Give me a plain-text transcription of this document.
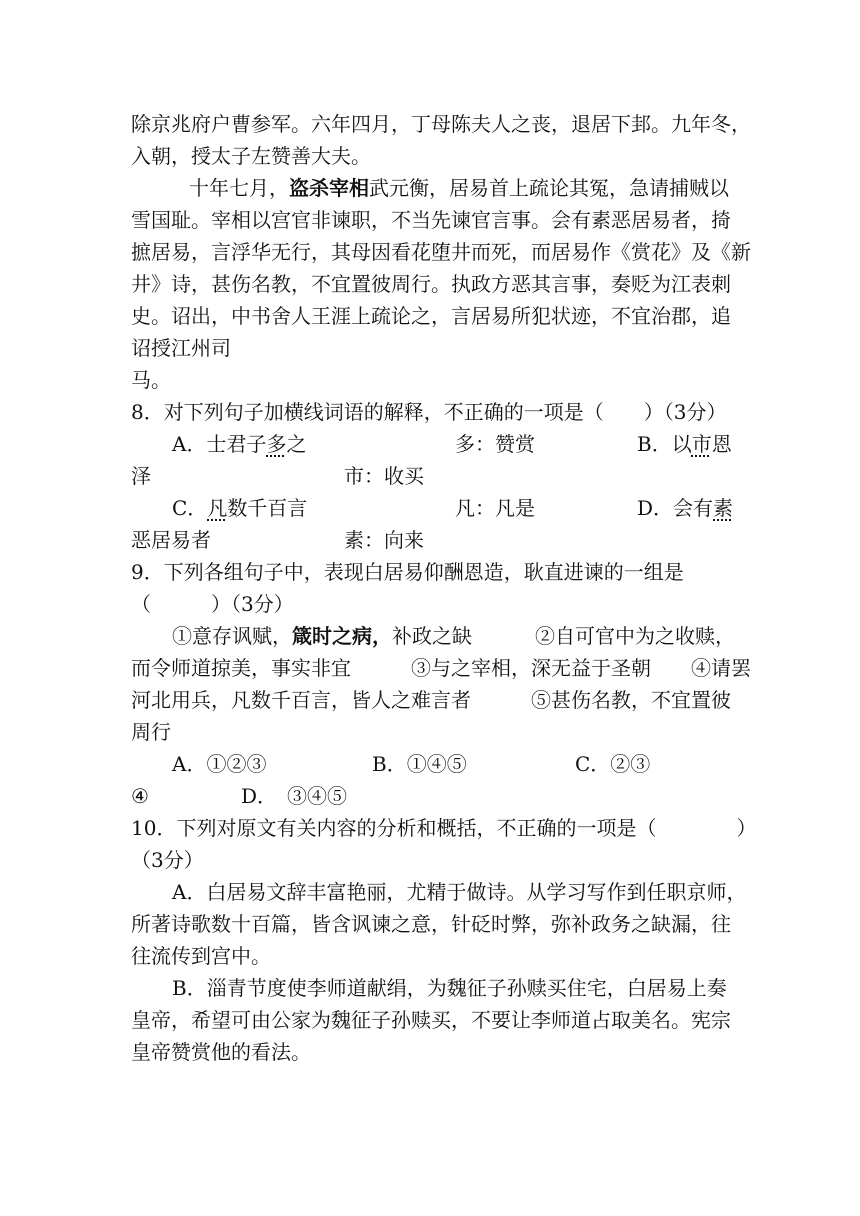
除京兆府户曹参军。六年四月，丁母陈夫人之丧，退居下邽。九年冬，
入朝，授太子左赞善大夫。
十年七月，盗杀宰相武元衡，居易首上疏论其冤，急请捕贼以
雪国耻。宰相以宫官非谏职，不当先谏官言事。会有素恶居易者，掎
摭居易，言浮华无行，其母因看花堕井而死，而居易作《赏花》及《新
井》诗，甚伤名教，不宜置彼周行。执政方恶其言事，奏贬为江表刺
史。诏出，中书舍人王涯上疏论之，言居易所犯状迹，不宜治郡，追
诏授江州司
马。
8．对下列句子加横线词语的解释，不正确的一项是（　　）（3分）
A．士君子多之	多：赞赏	B．以市恩
泽	市：收买
C．凡数千百言	凡：凡是	D．会有素
恶居易者	素：向来
9．下列各组句子中，表现白居易仰酬恩造，耿直进谏的一组是
（　　　）（3分）
①意存讽赋，箴时之病，补政之缺	②自可官中为之收赎，
而令师道掠美，事实非宜　　　③与之宰相，深无益于圣朝　　④请罢
河北用兵，凡数千百言，皆人之难言者　　　⑤甚伤名教，不宜置彼
周行
A．①②③	B．①④⑤	C．②③
④	D．　③④⑤
10．下列对原文有关内容的分析和概括，不正确的一项是（　　　　）
（3分）
A．白居易文辞丰富艳丽，尤精于做诗。从学习写作到任职京师，
所著诗歌数十百篇，皆含讽谏之意，针砭时弊，弥补政务之缺漏，往
往流传到宫中。
B．淄青节度使李师道献绢，为魏征子孙赎买住宅，白居易上奏
皇帝，希望可由公家为魏征子孙赎买，不要让李师道占取美名。宪宗
皇帝赞赏他的看法。
